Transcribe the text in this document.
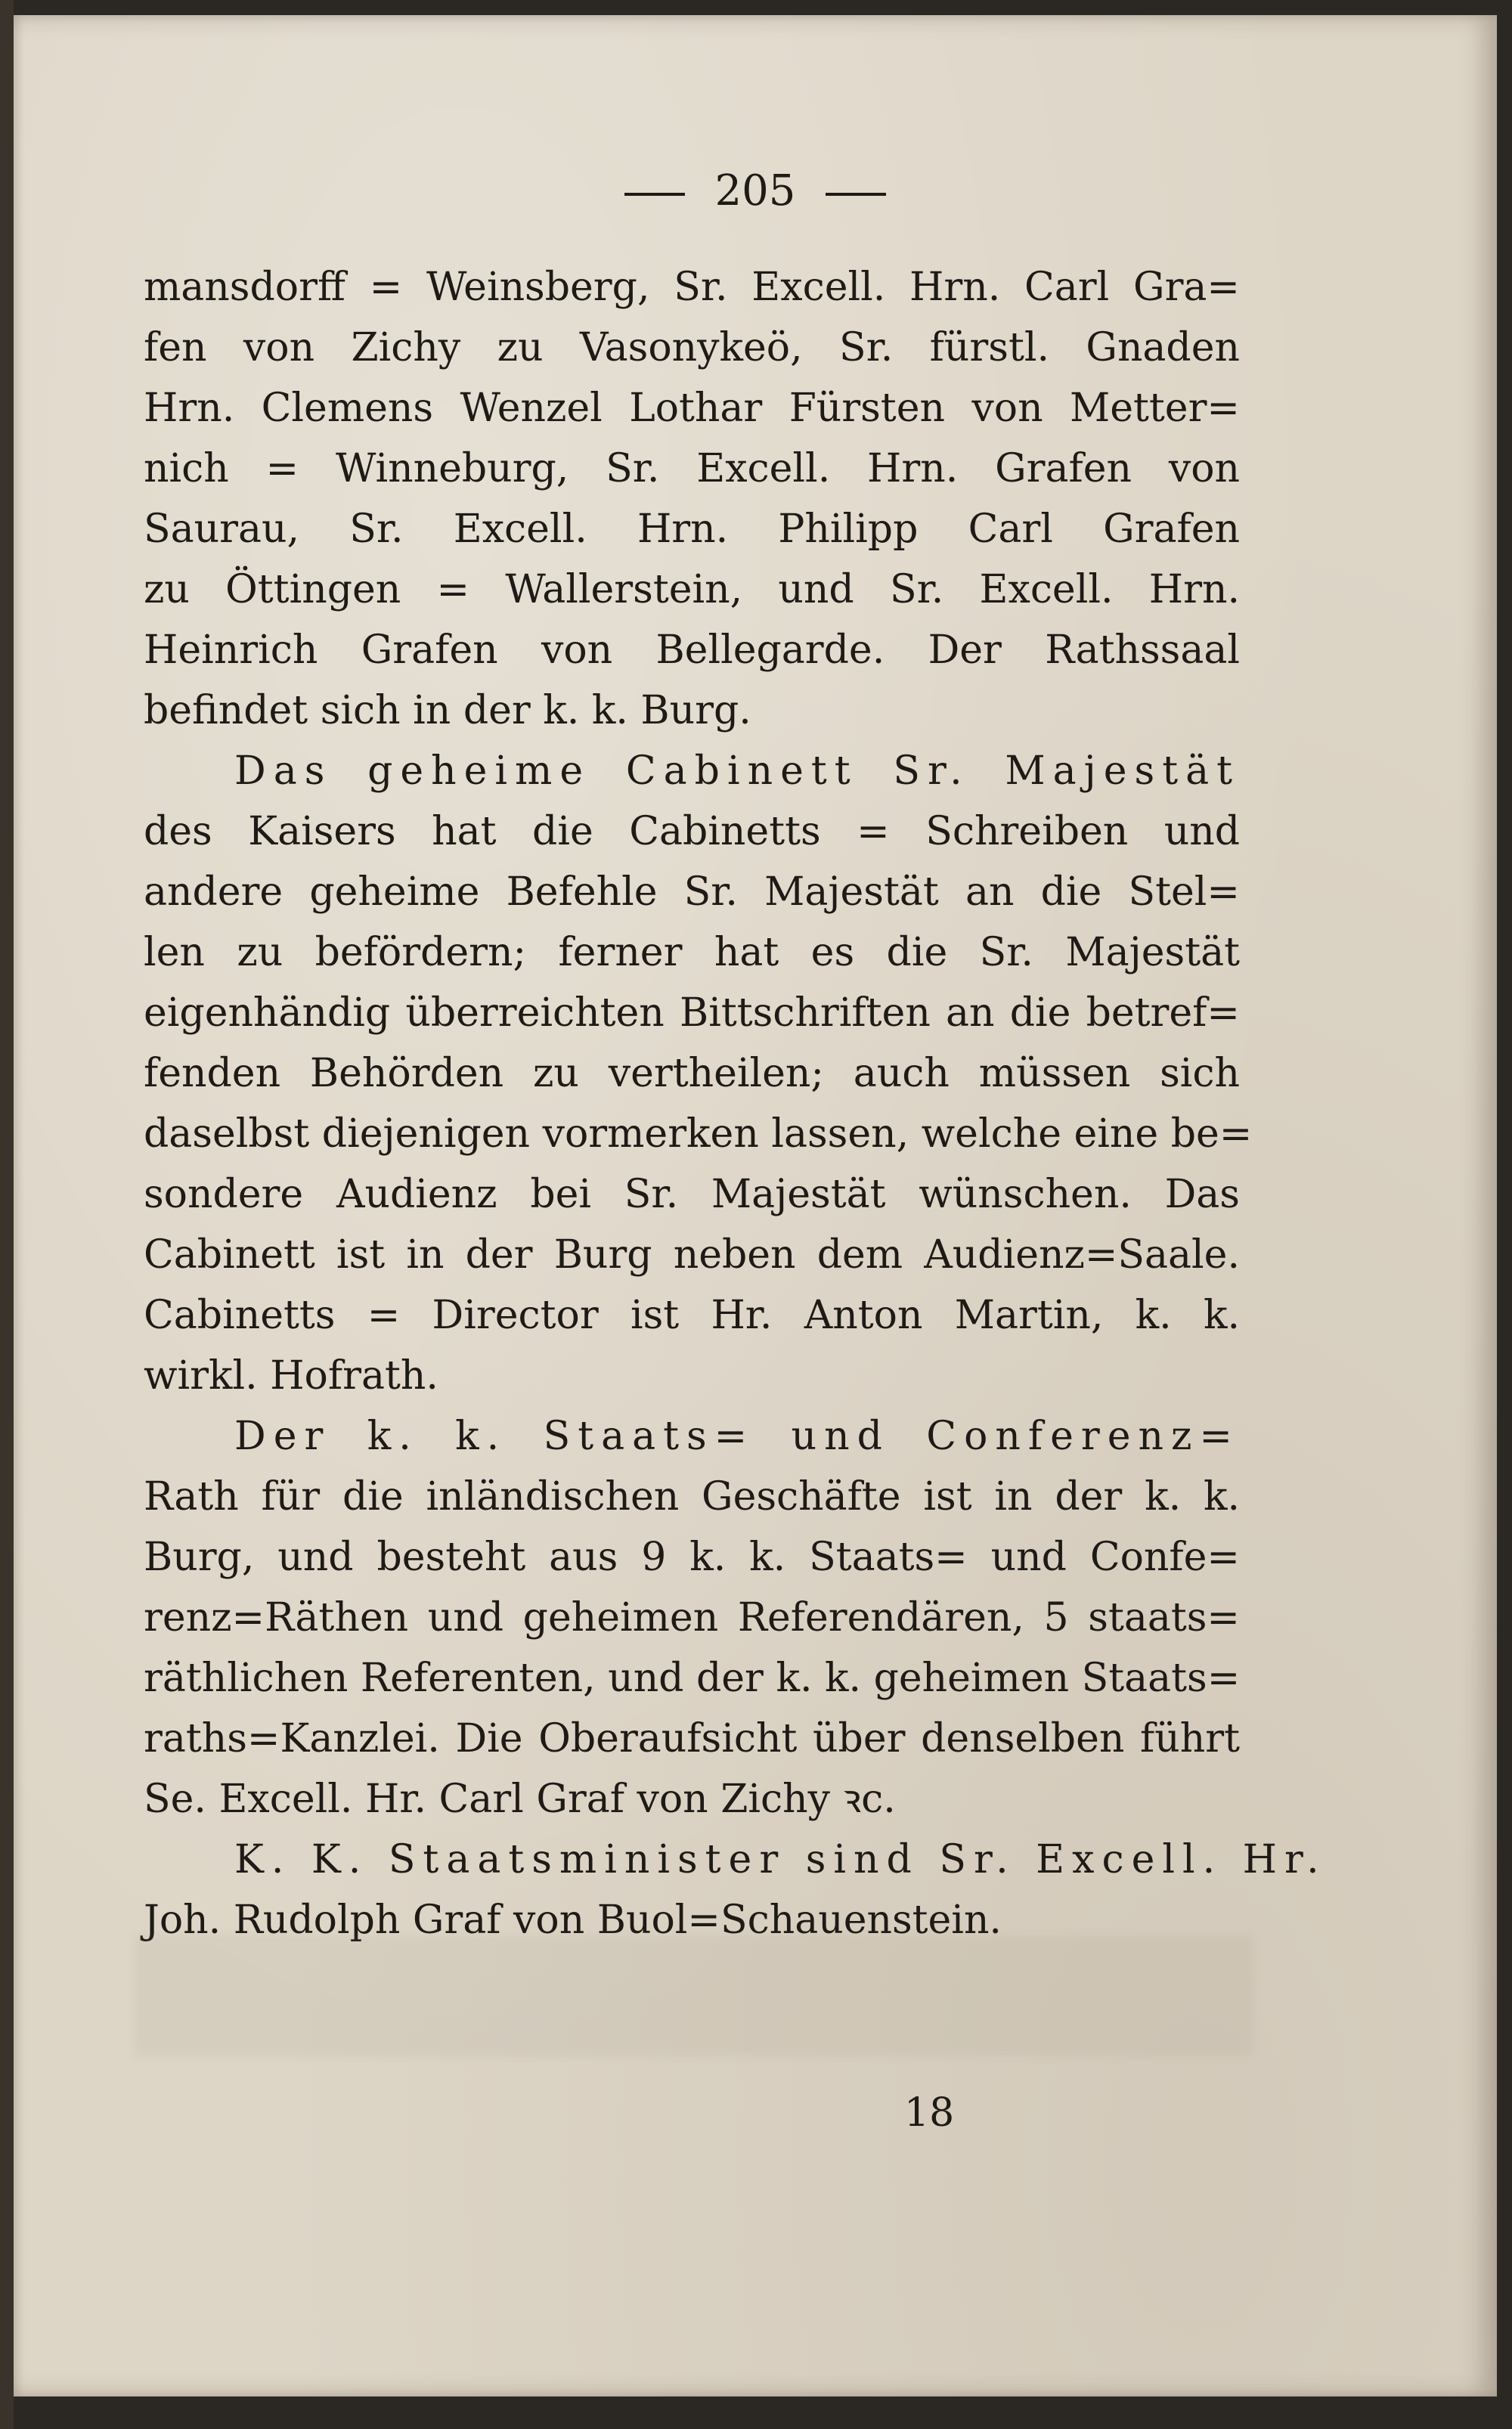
205
mansdorff = Weinsberg, Sr. Excell. Hrn. Carl Gra=
fen von Zichy zu Vasonykeö, Sr. fürstl. Gnaden
Hrn. Clemens Wenzel Lothar Fürsten von Metter=
nich = Winneburg, Sr. Excell. Hrn. Grafen von
Saurau, Sr. Excell. Hrn. Philipp Carl Grafen
zu Öttingen = Wallerstein, und Sr. Excell. Hrn.
Heinrich Grafen von Bellegarde. Der Rathssaal
befindet sich in der k. k. Burg.
Das geheime Cabinett Sr. Majestät
des Kaisers hat die Cabinetts = Schreiben und
andere geheime Befehle Sr. Majestät an die Stel=
len zu befördern; ferner hat es die Sr. Majestät
eigenhändig überreichten Bittschriften an die betref=
fenden Behörden zu vertheilen; auch müssen sich
daselbst diejenigen vormerken lassen, welche eine be=
sondere Audienz bei Sr. Majestät wünschen. Das
Cabinett ist in der Burg neben dem Audienz=Saale.
Cabinetts = Director ist Hr. Anton Martin, k. k.
wirkl. Hofrath.
Der k. k. Staats= und Conferenz=
Rath für die inländischen Geschäfte ist in der k. k.
Burg, und besteht aus 9 k. k. Staats= und Confe=
renz=Räthen und geheimen Referendären, 5 staats=
räthlichen Referenten, und der k. k. geheimen Staats=
raths=Kanzlei. Die Oberaufsicht über denselben führt
Se. Excell. Hr. Carl Graf von Zichy ꝛc.
K. K. Staatsminister sind Sr. Excell. Hr.
Joh. Rudolph Graf von Buol=Schauenstein.
18
